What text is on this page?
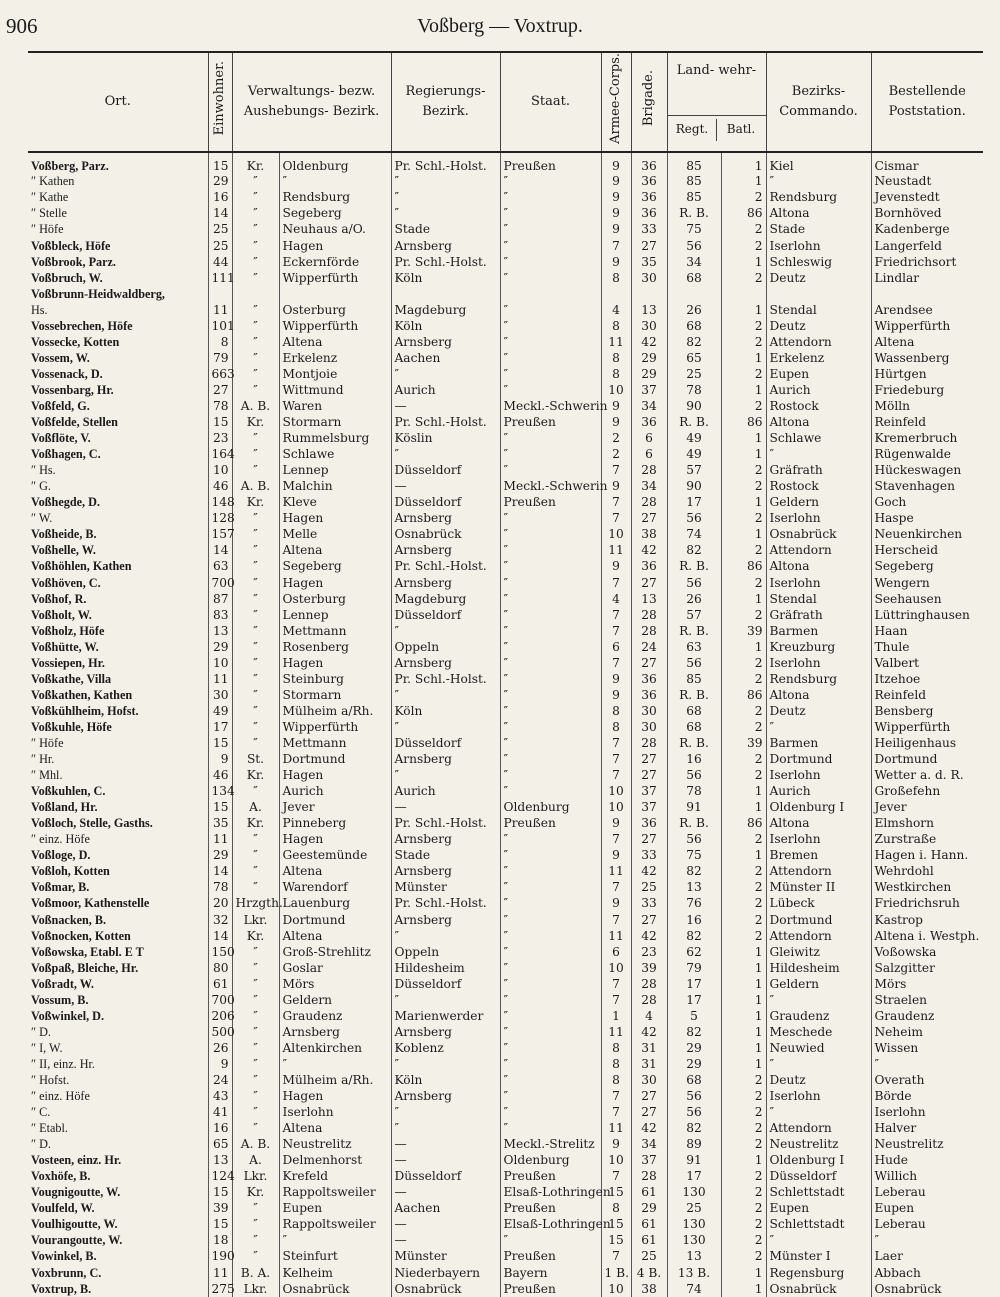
906	Voßberg — Voxtrup.
Ort.	Einwohner.	Verwaltungs- bezw. Aushebungs- Bezirk.		Regierungs- Bezirk.	Staat.	Armee-Corps.	Brigade.	Land- wehr-
Regt. Batl.		Bezirks- Commando.	Bestellende Poststation.
Voßberg, Parz.	15	Kr.	Oldenburg	Pr. Schl.-Holst.	Preußen	9	36	85	1	Kiel	Cismar
″ Kathen	29	″	″	″	″	9	36	85	1	″	Neustadt
″ Kathe	16	″	Rendsburg	″	″	9	36	85	2	Rendsburg	Jevenstedt
″ Stelle	14	″	Segeberg	″	″	9	36	R. B.	86	Altona	Bornhöved
″ Höfe	25	″	Neuhaus a/O.	Stade	″	9	33	75	2	Stade	Kadenberge
Voßbleck, Höfe	25	″	Hagen	Arnsberg	″	7	27	56	2	Iserlohn	Langerfeld
Voßbrook, Parz.	44	″	Eckernförde	Pr. Schl.-Holst.	″	9	35	34	1	Schleswig	Friedrichsort
Voßbruch, W.	111	″	Wipperfürth	Köln	″	8	30	68	2	Deutz	Lindlar
Voßbrunn-Heidwaldberg,											
Hs.	11	″	Osterburg	Magdeburg	″	4	13	26	1	Stendal	Arendsee
Vossebrechen, Höfe	101	″	Wipperfürth	Köln	″	8	30	68	2	Deutz	Wipperfürth
Vossecke, Kotten	8	″	Altena	Arnsberg	″	11	42	82	2	Attendorn	Altena
Vossem, W.	79	″	Erkelenz	Aachen	″	8	29	65	1	Erkelenz	Wassenberg
Vossenack, D.	663	″	Montjoie	″	″	8	29	25	2	Eupen	Hürtgen
Vossenbarg, Hr.	27	″	Wittmund	Aurich	″	10	37	78	1	Aurich	Friedeburg
Voßfeld, G.	78	A. B.	Waren	—	Meckl.-Schwerin	9	34	90	2	Rostock	Mölln
Voßfelde, Stellen	15	Kr.	Stormarn	Pr. Schl.-Holst.	Preußen	9	36	R. B.	86	Altona	Reinfeld
Voßflöte, V.	23	″	Rummelsburg	Köslin	″	2	6	49	1	Schlawe	Kremerbruch
Voßhagen, C.	164	″	Schlawe	″	″	2	6	49	1	″	Rügenwalde
″ Hs.	10	″	Lennep	Düsseldorf	″	7	28	57	2	Gräfrath	Hückeswagen
″ G.	46	A. B.	Malchin	—	Meckl.-Schwerin	9	34	90	2	Rostock	Stavenhagen
Voßhegde, D.	148	Kr.	Kleve	Düsseldorf	Preußen	7	28	17	1	Geldern	Goch
″ W.	128	″	Hagen	Arnsberg	″	7	27	56	2	Iserlohn	Haspe
Voßheide, B.	157	″	Melle	Osnabrück	″	10	38	74	1	Osnabrück	Neuenkirchen
Voßhelle, W.	14	″	Altena	Arnsberg	″	11	42	82	2	Attendorn	Herscheid
Voßhöhlen, Kathen	63	″	Segeberg	Pr. Schl.-Holst.	″	9	36	R. B.	86	Altona	Segeberg
Voßhöven, C.	700	″	Hagen	Arnsberg	″	7	27	56	2	Iserlohn	Wengern
Voßhof, R.	87	″	Osterburg	Magdeburg	″	4	13	26	1	Stendal	Seehausen
Voßholt, W.	83	″	Lennep	Düsseldorf	″	7	28	57	2	Gräfrath	Lüttringhausen
Voßholz, Höfe	13	″	Mettmann	″	″	7	28	R. B.	39	Barmen	Haan
Voßhütte, W.	29	″	Rosenberg	Oppeln	″	6	24	63	1	Kreuzburg	Thule
Vossiepen, Hr.	10	″	Hagen	Arnsberg	″	7	27	56	2	Iserlohn	Valbert
Voßkathe, Villa	11	″	Steinburg	Pr. Schl.-Holst.	″	9	36	85	2	Rendsburg	Itzehoe
Voßkathen, Kathen	30	″	Stormarn	″	″	9	36	R. B.	86	Altona	Reinfeld
Voßkühlheim, Hofst.	49	″	Mülheim a/Rh.	Köln	″	8	30	68	2	Deutz	Bensberg
Voßkuhle, Höfe	17	″	Wipperfürth	″	″	8	30	68	2	″	Wipperfürth
″ Höfe	15	″	Mettmann	Düsseldorf	″	7	28	R. B.	39	Barmen	Heiligenhaus
″ Hr.	9	St.	Dortmund	Arnsberg	″	7	27	16	2	Dortmund	Dortmund
″ Mhl.	46	Kr.	Hagen	″	″	7	27	56	2	Iserlohn	Wetter a. d. R.
Voßkuhlen, C.	134	″	Aurich	Aurich	″	10	37	78	1	Aurich	Großefehn
Voßland, Hr.	15	A.	Jever	—	Oldenburg	10	37	91	1	Oldenburg I	Jever
Voßloch, Stelle, Gasths.	35	Kr.	Pinneberg	Pr. Schl.-Holst.	Preußen	9	36	R. B.	86	Altona	Elmshorn
″ einz. Höfe	11	″	Hagen	Arnsberg	″	7	27	56	2	Iserlohn	Zurstraße
Voßloge, D.	29	″	Geestemünde	Stade	″	9	33	75	1	Bremen	Hagen i. Hann.
Voßloh, Kotten	14	″	Altena	Arnsberg	″	11	42	82	2	Attendorn	Wehrdohl
Voßmar, B.	78	″	Warendorf	Münster	″	7	25	13	2	Münster II	Westkirchen
Voßmoor, Kathenstelle	20	Hrzgth.	Lauenburg	Pr. Schl.-Holst.	″	9	33	76	2	Lübeck	Friedrichsruh
Voßnacken, B.	32	Lkr.	Dortmund	Arnsberg	″	7	27	16	2	Dortmund	Kastrop
Voßnocken, Kotten	14	Kr.	Altena	″	″	11	42	82	2	Attendorn	Altena i. Westph.
Voßowska, Etabl. E T	150	″	Groß-Strehlitz	Oppeln	″	6	23	62	1	Gleiwitz	Voßowska
Voßpaß, Bleiche, Hr.	80	″	Goslar	Hildesheim	″	10	39	79	1	Hildesheim	Salzgitter
Voßradt, W.	61	″	Mörs	Düsseldorf	″	7	28	17	1	Geldern	Mörs
Vossum, B.	700	″	Geldern	″	″	7	28	17	1	″	Straelen
Voßwinkel, D.	206	″	Graudenz	Marienwerder	″	1	4	5	1	Graudenz	Graudenz
″ D.	500	″	Arnsberg	Arnsberg	″	11	42	82	1	Meschede	Neheim
″ I, W.	26	″	Altenkirchen	Koblenz	″	8	31	29	1	Neuwied	Wissen
″ II, einz. Hr.	9	″	″	″	″	8	31	29	1	″	″
″ Hofst.	24	″	Mülheim a/Rh.	Köln	″	8	30	68	2	Deutz	Overath
″ einz. Höfe	43	″	Hagen	Arnsberg	″	7	27	56	2	Iserlohn	Börde
″ C.	41	″	Iserlohn	″	″	7	27	56	2	″	Iserlohn
″ Etabl.	16	″	Altena	″	″	11	42	82	2	Attendorn	Halver
″ D.	65	A. B.	Neustrelitz	—	Meckl.-Strelitz	9	34	89	2	Neustrelitz	Neustrelitz
Vosteen, einz. Hr.	13	A.	Delmenhorst	—	Oldenburg	10	37	91	1	Oldenburg I	Hude
Voxhöfe, B.	124	Lkr.	Krefeld	Düsseldorf	Preußen	7	28	17	2	Düsseldorf	Willich
Vougnigoutte, W.	15	Kr.	Rappoltsweiler	—	Elsaß-Lothringen	15	61	130	2	Schlettstadt	Leberau
Voulfeld, W.	39	″	Eupen	Aachen	Preußen	8	29	25	2	Eupen	Eupen
Voulhigoutte, W.	15	″	Rappoltsweiler	—	Elsaß-Lothringen	15	61	130	2	Schlettstadt	Leberau
Vourangoutte, W.	18	″	″	—	″	15	61	130	2	″	″
Vowinkel, B.	190	″	Steinfurt	Münster	Preußen	7	25	13	2	Münster I	Laer
Voxbrunn, C.	11	B. A.	Kelheim	Niederbayern	Bayern	1 B.	4 B.	13 B.	1	Regensburg	Abbach
Voxtrup, B.	275	Lkr.	Osnabrück	Osnabrück	Preußen	10	38	74	1	Osnabrück	Osnabrück
